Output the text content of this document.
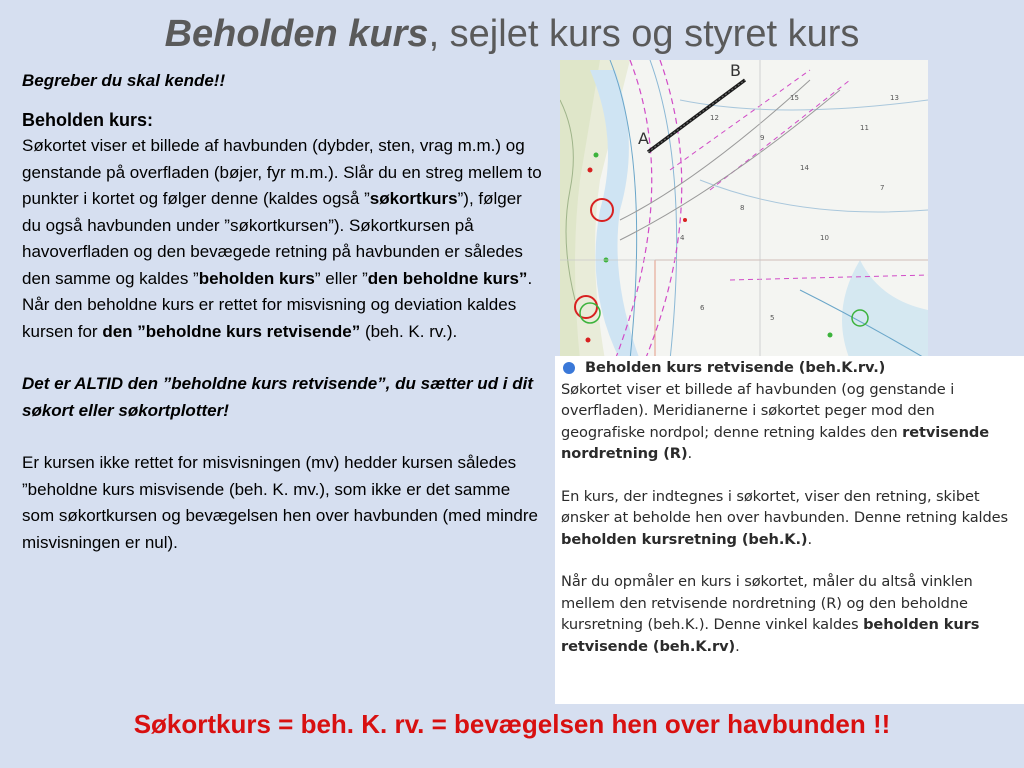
Beholden kurs, sejlet kurs og styret kurs

Begreber du skal kende!!

Beholden kurs:

Søkortet viser et billede af havbunden (dybder, sten, vrag m.m.) og genstande på overfladen (bøjer, fyr m.m.). Slår du en streg mellem to punkter i kortet og følger denne (kaldes også ”søkortkurs”), følger du også havbunden under ”søkortkursen”). Søkortkursen på havoverfladen og den bevægede retning på havbunden er således den samme og kaldes ”beholden kurs” eller ”den beholdne kurs”.

Når den beholdne kurs er rettet for misvisning og deviation kaldes kursen for den ”beholdne kurs retvisende” (beh. K. rv.).

Det er ALTID den ”beholdne kurs retvisende”, du sætter ud i dit søkort eller søkortplotter!

Er kursen ikke rettet for misvisningen (mv) hedder kursen således ”beholdne kurs misvisende (beh. K. mv.), som ikke er det samme som søkortkursen og bevægelsen hen over havbunden (med mindre misvisningen er nul).

12
9
14
11
8
10
7
6
5
4
13
15
A
B

Beholden kurs retvisende (beh.K.rv.)

Søkortet viser et billede af havbunden (og genstande i overfladen). Meridianerne i søkortet peger mod den geografiske nordpol; denne retning kaldes den retvisende nordretning (R).

En kurs, der indtegnes i søkortet, viser den retning, skibet ønsker at beholde hen over havbunden. Denne retning kaldes beholden kursretning (beh.K.).

Når du opmåler en kurs i søkortet, måler du altså vinklen mellem den retvisende nordretning (R) og den beholdne kursretning (beh.K.). Denne vinkel kaldes beholden kurs retvisende (beh.K.rv).

Søkortkurs = beh. K. rv. = bevægelsen hen over havbunden !!
